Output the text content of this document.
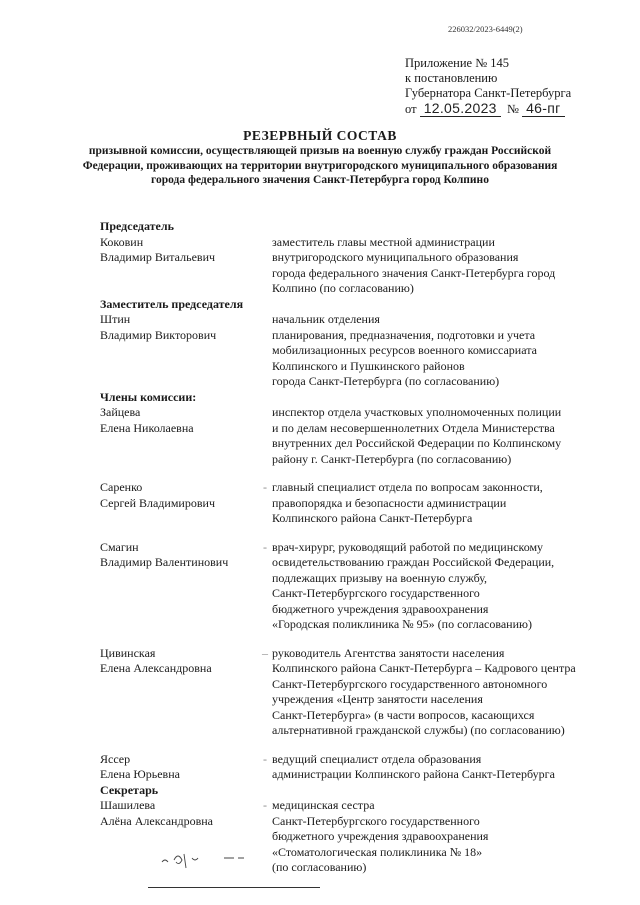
226032/2023-6449(2)
Приложение № 145
к постановлению
Губернатора Санкт-Петербурга
от 12.05.2023 № 46-пг
РЕЗЕРВНЫЙ СОСТАВ
призывной комиссии, осуществляющей призыв на военную службу граждан Российской Федерации, проживающих на территории внутригородского муниципального образования города федерального значения Санкт-Петербурга город Колпино
Председатель
Коковин
Владимир Витальевич
заместитель главы местной администрации
внутригородского муниципального образования
города федерального значения Санкт-Петербурга город
Колпино (по согласованию)
Заместитель председателя
Штин
Владимир Викторович
начальник отделения
планирования, предназначения, подготовки и учета
мобилизационных ресурсов военного комиссариата
Колпинского и Пушкинского районов
города Санкт-Петербурга (по согласованию)
Члены комиссии:
Зайцева
Елена Николаевна
инспектор отдела участковых уполномоченных полиции
и по делам несовершеннолетних Отдела Министерства
внутренних дел Российской Федерации по Колпинскому
району г. Санкт-Петербурга (по согласованию)
Саренко
Сергей Владимирович
- главный специалист отдела по вопросам законности,
правопорядка и безопасности администрации
Колпинского района Санкт-Петербурга
Смагин
Владимир Валентинович
- врач-хирург, руководящий работой по медицинскому
освидетельствованию граждан Российской Федерации,
подлежащих призыву на военную службу,
Санкт-Петербургского государственного
бюджетного учреждения здравоохранения
«Городская поликлиника № 95» (по согласованию)
Цивинская
Елена Александровна
– руководитель Агентства занятости населения
Колпинского района Санкт-Петербурга – Кадрового центра
Санкт-Петербургского государственного автономного
учреждения «Центр занятости населения
Санкт-Петербурга» (в части вопросов, касающихся
альтернативной гражданской службы) (по согласованию)
Яссер
Елена Юрьевна
- ведущий специалист отдела образования
администрации Колпинского района Санкт-Петербурга
Секретарь
Шашилева
Алёна Александровна
- медицинская сестра
Санкт-Петербургского государственного
бюджетного учреждения здравоохранения
«Стоматологическая поликлиника № 18»
(по согласованию)
